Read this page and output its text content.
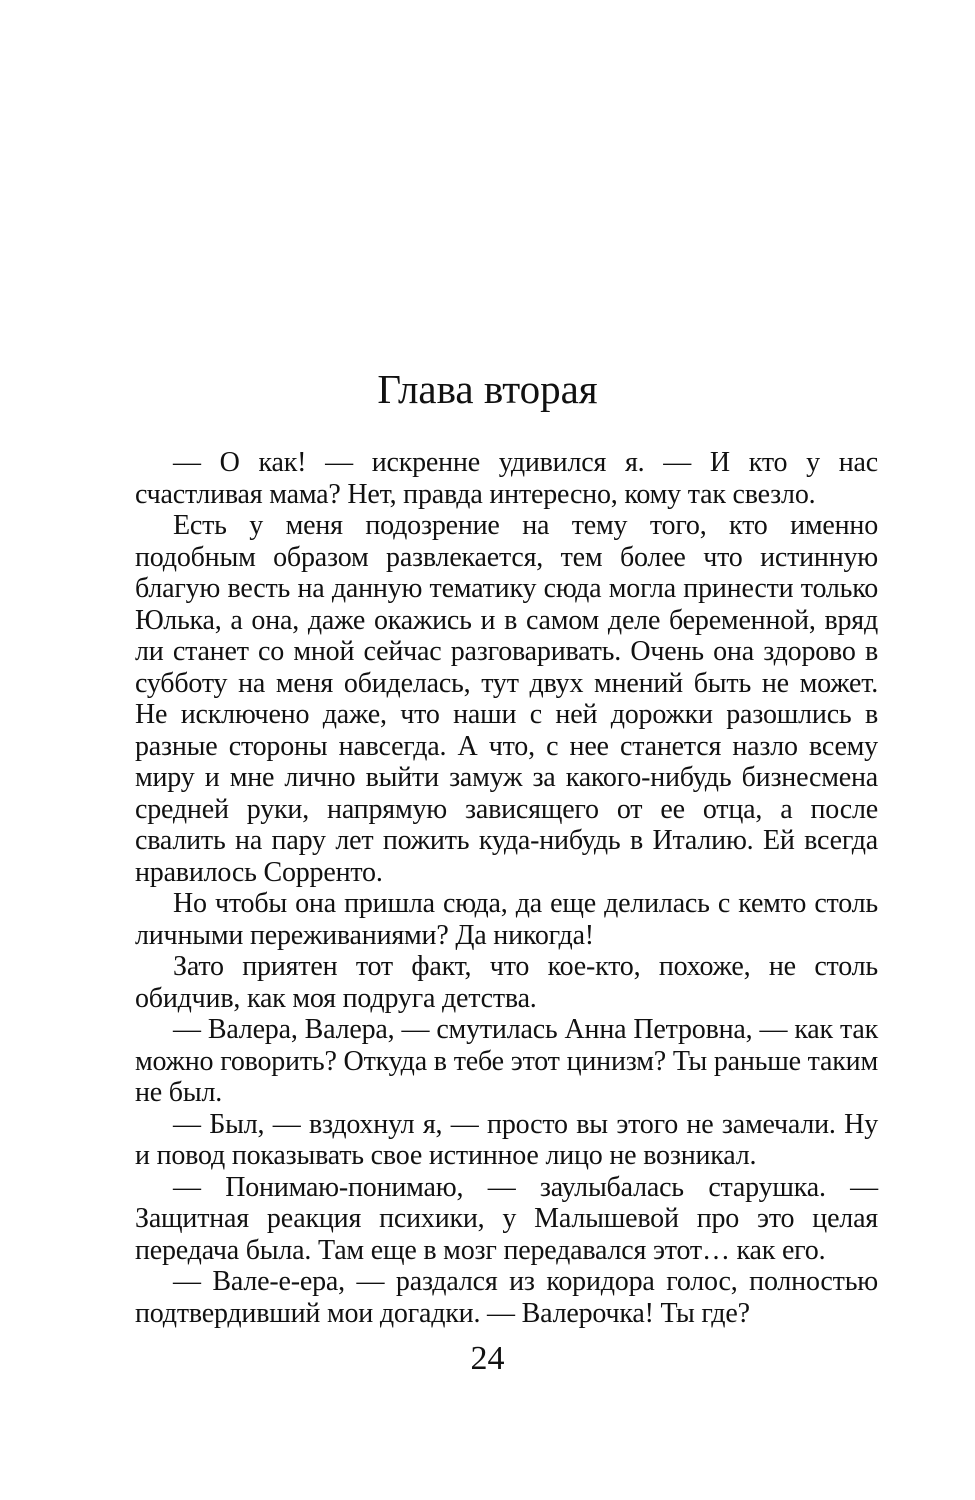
Глава вторая

— О как! — искренне удивился я. — И кто у нас счастливая мама? Нет, правда интересно, кому так свезло.

Есть у меня подозрение на тему того, кто именно подобным образом развлекается, тем более что истинную благую весть на данную тематику сюда могла принести только Юлька, а она, даже окажись и в самом деле беременной, вряд ли станет со мной сейчас разговаривать. Очень она здорово в субботу на меня обиделась, тут двух мнений быть не может. Не исключено даже, что наши с ней дорожки разошлись в разные стороны навсегда. А что, с нее станется назло всему миру и мне лично выйти замуж за какого-нибудь бизнесмена средней руки, напрямую зависящего от ее отца, а после свалить на пару лет пожить куда-нибудь в Италию. Ей всегда нравилось Сорренто.

Но чтобы она пришла сюда, да еще делилась с кемто столь личными переживаниями? Да никогда!

Зато приятен тот факт, что кое-кто, похоже, не столь обидчив, как моя подруга детства.

— Валера, Валера, — смутилась Анна Петровна, — как так можно говорить? Откуда в тебе этот цинизм? Ты раньше таким не был.

— Был, — вздохнул я, — просто вы этого не замечали. Ну и повод показывать свое истинное лицо не возникал.

— Понимаю-понимаю, — заулыбалась старушка. — Защитная реакция психики, у Малышевой про это целая передача была. Там еще в мозг передавался этот… как его.

— Вале-е-ера, — раздался из коридора голос, полностью подтвердивший мои догадки. — Валерочка! Ты где?

24
